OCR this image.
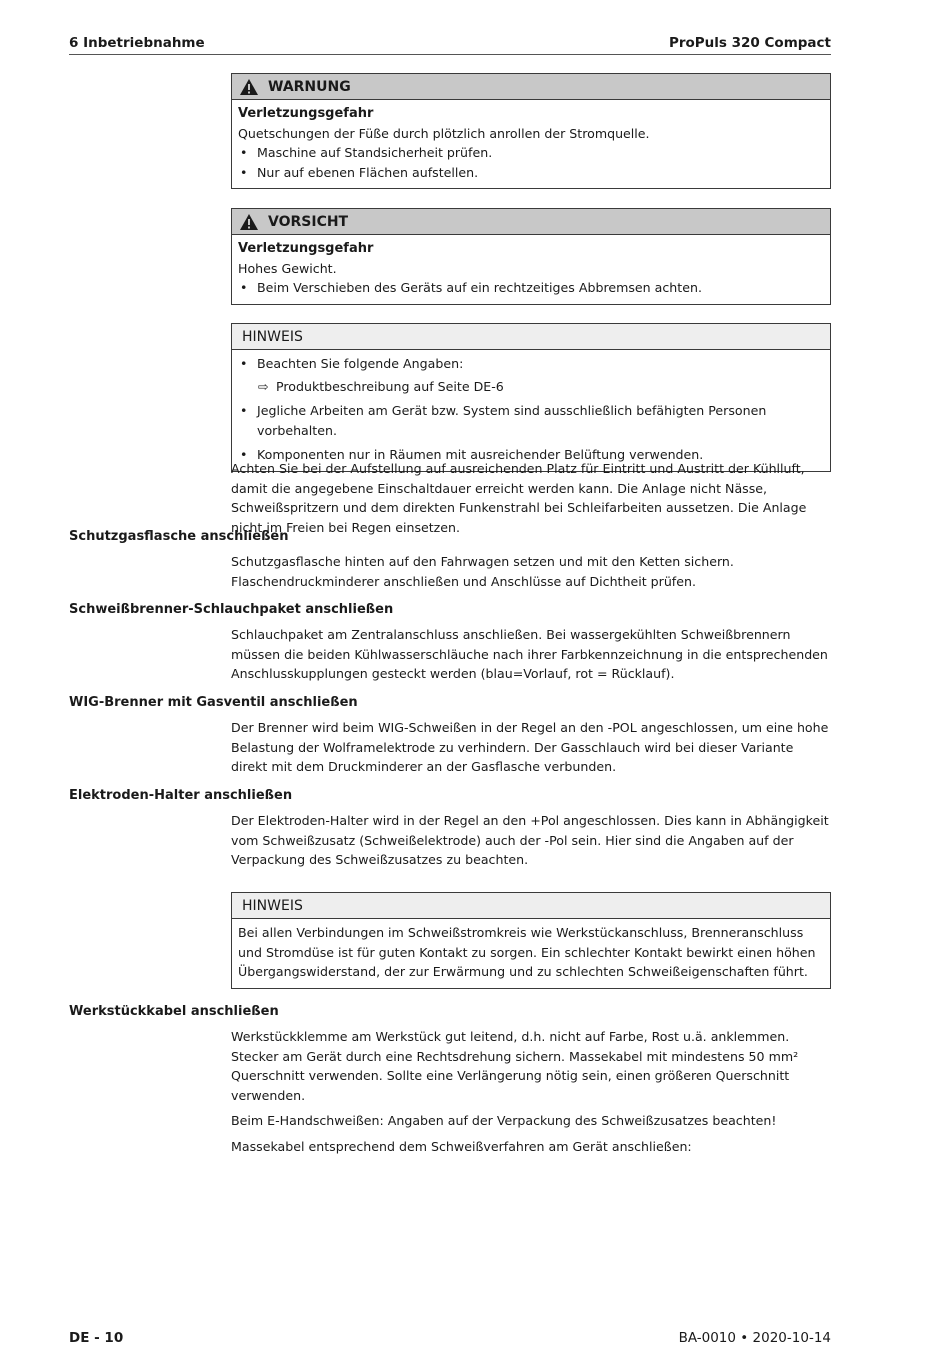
6 Inbetriebnahme	ProPuls 320 Compact
WARNUNG
Verletzungsgefahr
Quetschungen der Füße durch plötzlich anrollen der Stromquelle.
• Maschine auf Standsicherheit prüfen.
• Nur auf ebenen Flächen aufstellen.
VORSICHT
Verletzungsgefahr
Hohes Gewicht.
• Beim Verschieben des Geräts auf ein rechtzeitiges Abbremsen achten.
HINWEIS
• Beachten Sie folgende Angaben:
⇨ Produktbeschreibung auf Seite DE-6
• Jegliche Arbeiten am Gerät bzw. System sind ausschließlich befähigten Personen vorbehalten.
• Komponenten nur in Räumen mit ausreichender Belüftung verwenden.

Achten Sie bei der Aufstellung auf ausreichenden Platz für Eintritt und Austritt der Kühlluft, damit die angegebene Einschaltdauer erreicht werden kann. Die Anlage nicht Nässe, Schweißspritzern und dem direkten Funkenstrahl bei Schleifarbeiten aussetzen. Die Anlage nicht im Freien bei Regen einsetzen.

Schutzgasflasche anschließen

Schutzgasflasche hinten auf den Fahrwagen setzen und mit den Ketten sichern. Flaschendruckminderer anschließen und Anschlüsse auf Dichtheit prüfen.

Schweißbrenner-Schlauchpaket anschließen

Schlauchpaket am Zentralanschluss anschließen. Bei wassergekühlten Schweißbrennern müssen die beiden Kühlwasserschläuche nach ihrer Farbkennzeichnung in die entsprechenden Anschlusskupplungen gesteckt werden (blau=Vorlauf, rot = Rücklauf).

WIG-Brenner mit Gasventil anschließen

Der Brenner wird beim WIG-Schweißen in der Regel an den -POL angeschlossen, um eine hohe Belastung der Wolframelektrode zu verhindern. Der Gasschlauch wird bei dieser Variante direkt mit dem Druckminderer an der Gasflasche verbunden.

Elektroden-Halter anschließen

Der Elektroden-Halter wird in der Regel an den +Pol angeschlossen. Dies kann in Abhängigkeit vom Schweißzusatz (Schweißelektrode) auch der -Pol sein. Hier sind die Angaben auf der Verpackung des Schweißzusatzes zu beachten.

HINWEIS
Bei allen Verbindungen im Schweißstromkreis wie Werkstückanschluss, Brenneranschluss und Stromdüse ist für guten Kontakt zu sorgen. Ein schlechter Kontakt bewirkt einen höhen Übergangswiderstand, der zur Erwärmung und zu schlechten Schweißeigenschaften führt.
Werkstückkabel anschließen

Werkstückklemme am Werkstück gut leitend, d.h. nicht auf Farbe, Rost u.ä. anklemmen. Stecker am Gerät durch eine Rechtsdrehung sichern. Massekabel mit mindestens 50 mm² Querschnitt verwenden. Sollte eine Verlängerung nötig sein, einen größeren Querschnitt verwenden.

Beim E-Handschweißen: Angaben auf der Verpackung des Schweißzusatzes beachten!

Massekabel entsprechend dem Schweißverfahren am Gerät anschließen:

DE - 10	BA-0010 • 2020-10-14
